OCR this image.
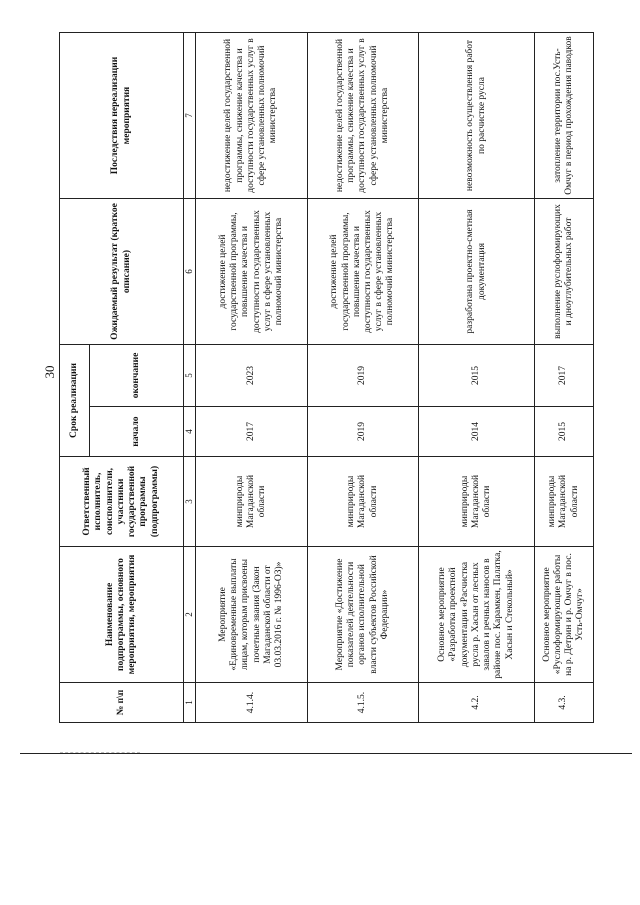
30
№ п\п	Наименование подпрограммы, основного мероприятия, мероприятия	Ответственный исполнитель, соисполнители, участники государственной программы (подпрограммы)	Срок реализации		Ожидаемый результат (краткое описание)	Последствия нереализации мероприятия
			начало	окончание		
1	2	3	4	5	6	7
4.1.4.	Мероприятие «Единовременные выплаты лицам, которым присвоены почетные звания (Закон Магаданской области от 03.03.2016 г. № 1996-ОЗ)»	минприроды Магаданской области	2017	2023	достижение целей государственной программы, повышение качества и доступности государственных услуг в сфере установленных полномочий министерства	недостижение целей государственной программы, снижение качества и доступности государственных услуг в сфере установленных полномочий министерства
4.1.5.	Мероприятие «Достижение показателей деятельности органов исполнительной власти субъектов Российской Федерации»	минприроды Магаданской области	2019	2019	достижение целей государственной программы, повышение качества и доступности государственных услуг в сфере установленных полномочий министерства	недостижение целей государственной программы, снижение качества и доступности государственных услуг в сфере установленных полномочий министерства
4.2.	Основное мероприятие «Разработка проектной документации «Расчистка русла р. Хасын от лесных завалов и речных наносов в районе пос. Карамкен, Палатка, Хасын и Стекольный»	минприроды Магаданской области	2014	2015	разработана проектно-сметная документация	невозможность осуществления работ по расчистке русла
4.3.	Основное мероприятие «Руслоформирующие работы на р. Детрин и р. Омчуг в пос. Усть-Омчуг»	минприроды Магаданской области	2015	2017	выполнение руслоформирующих и дноуглубительных работ	затопление территории пос.Усть-Омчуг в период прохождения паводков
